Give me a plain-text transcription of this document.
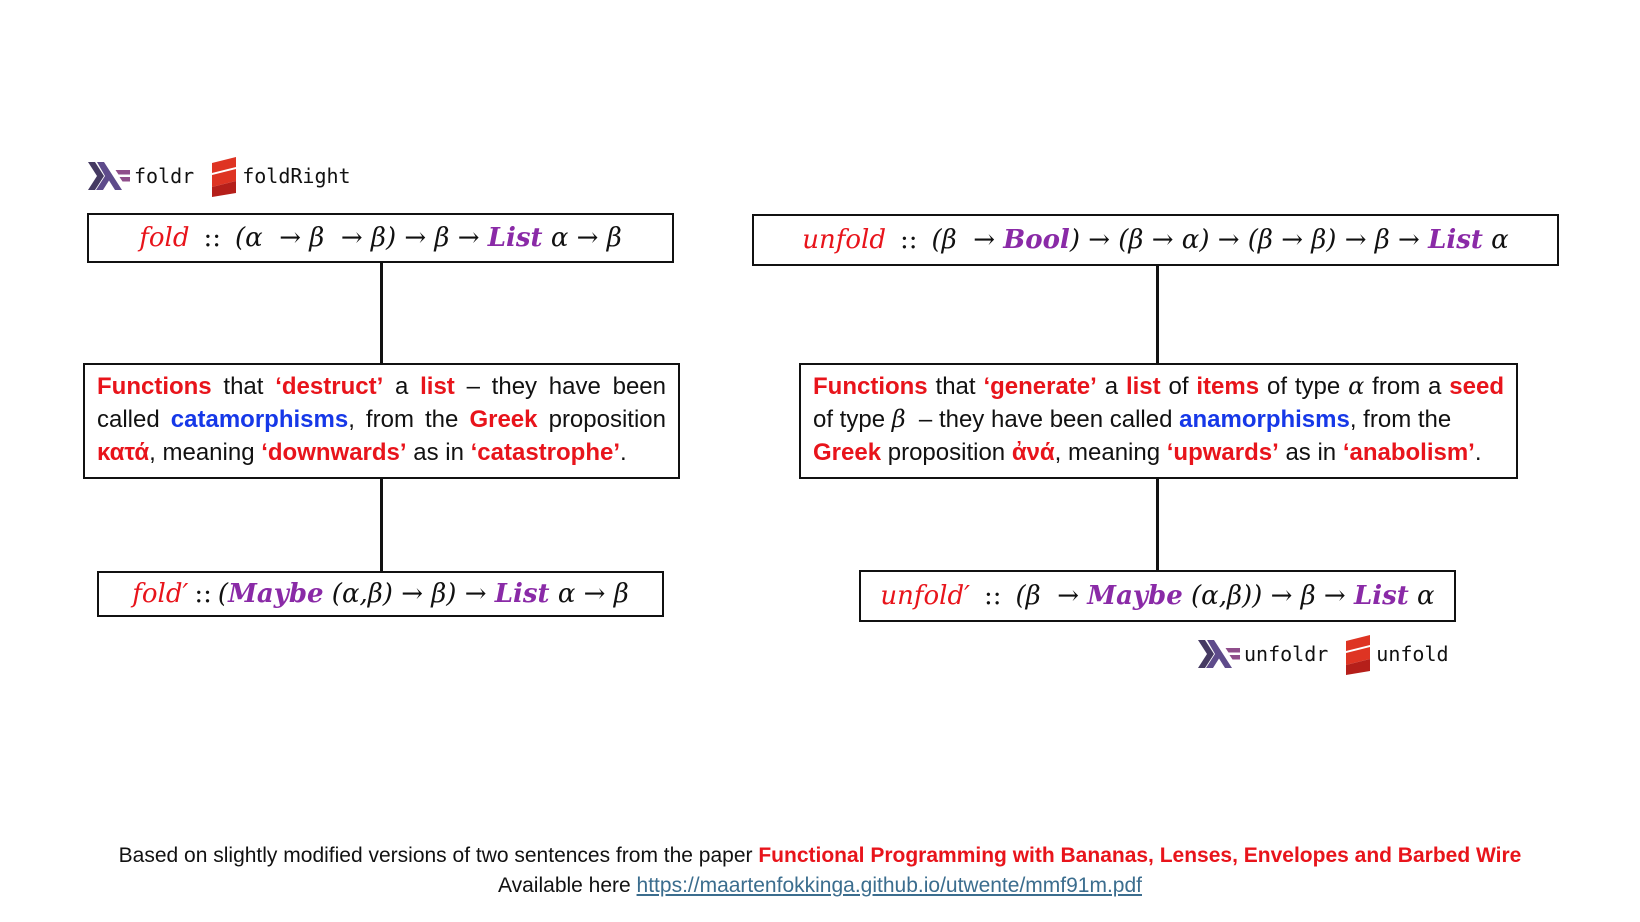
foldr foldRight
fold :: (α  → β  → β) → β → List α → β
Functions that ‘destruct’ a list – they have been
called catamorphisms, from the Greek proposition
κατά, meaning ‘downwards’ as in ‘catastrophe’.
fold′ :: ( Maybe (α,β) → β) → List α → β
unfold :: (β  → Bool ) → (β → α) → (β → β) → β → List α
Functions that ‘generate’ a list of items of type α from a seed
of type β  – they have been called anamorphisms, from the
Greek proposition ἀνά, meaning ‘upwards’ as in ‘anabolism’.
unfold′ :: (β  → Maybe (α,β)) → β → List α
unfoldr unfold
Based on slightly modified versions of two sentences from the paper Functional Programming with Bananas, Lenses, Envelopes and Barbed Wire
Available here https://maartenfokkinga.github.io/utwente/mmf91m.pdf
